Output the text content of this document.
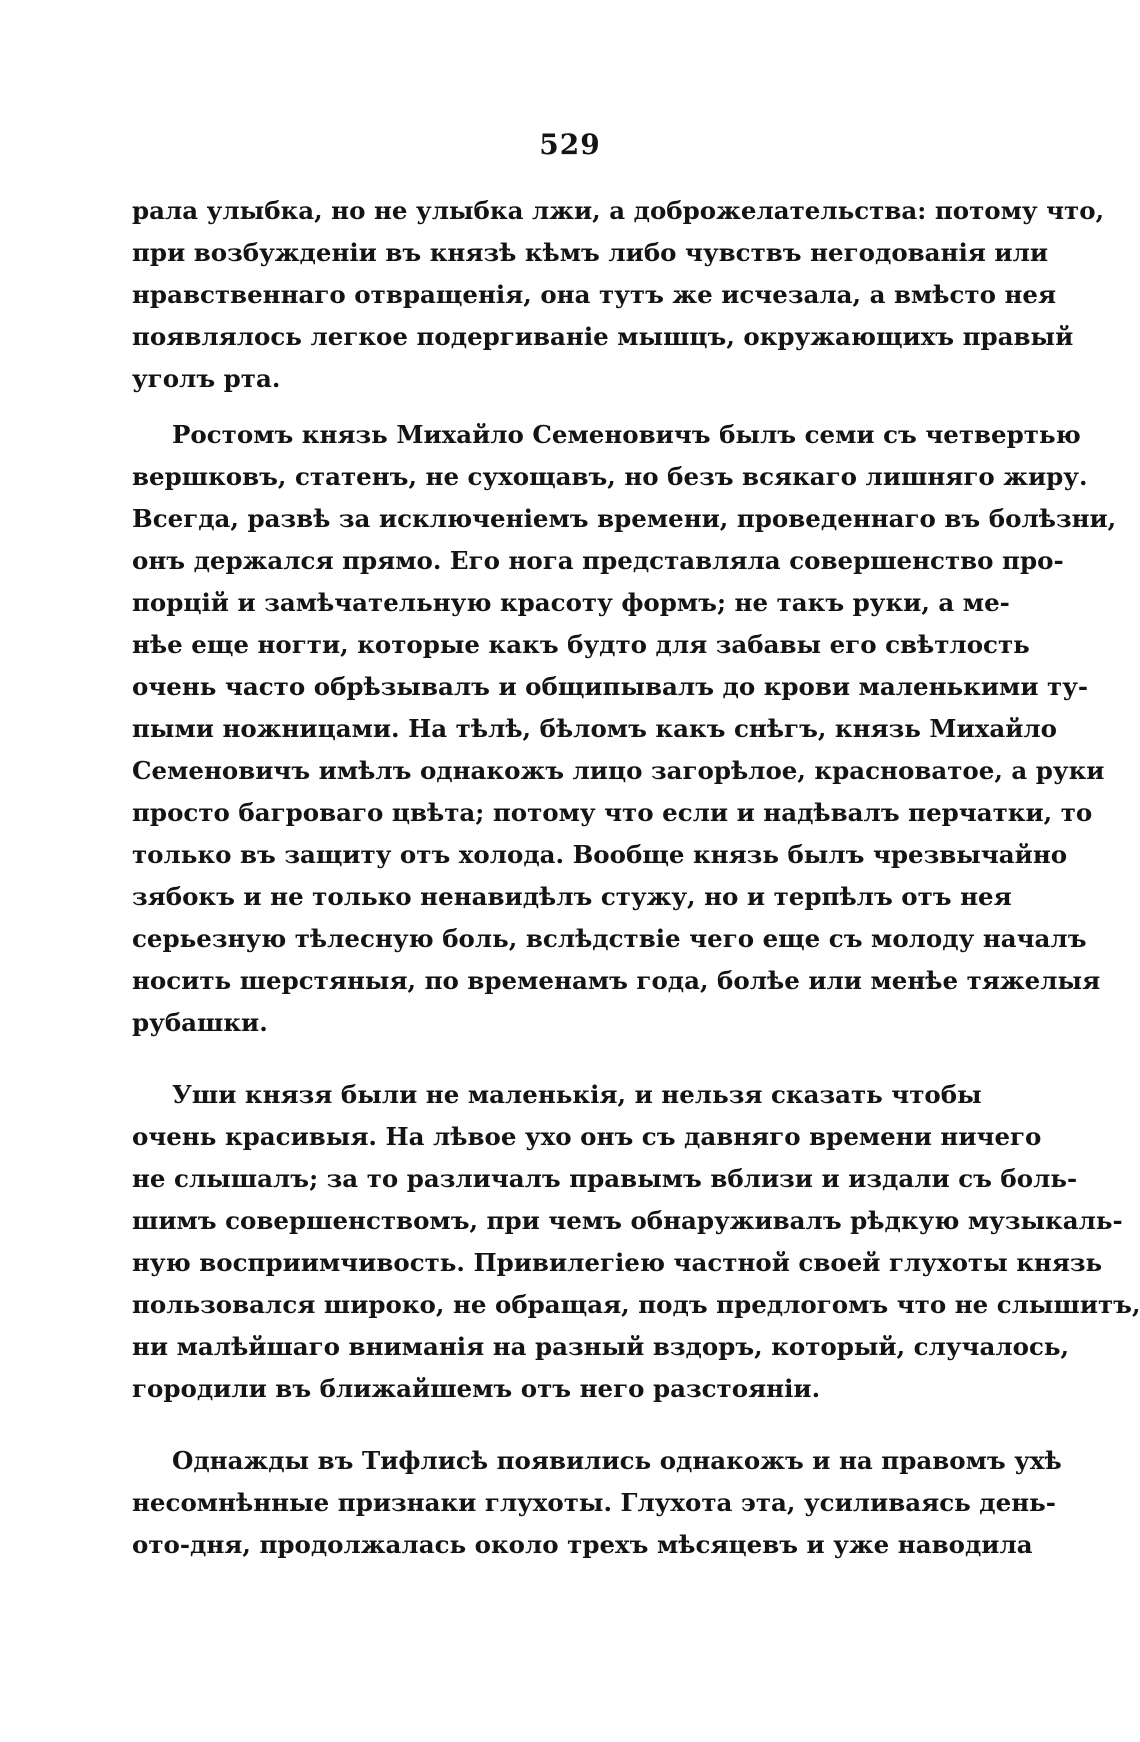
529
рала улыбка, но не улыбка лжи, а доброжелательства: потому что,
при возбужденіи въ князѣ кѣмъ либо чувствъ негодованія или
нравственнаго отвращенія, она тутъ же исчезала, а вмѣсто нея
появлялось легкое подергиваніе мышцъ, окружающихъ правый
уголъ рта.
Ростомъ князь Михайло Семеновичъ былъ семи съ четвертью
вершковъ, статенъ, не сухощавъ, но безъ всякаго лишняго жиру.
Всегда, развѣ за исключеніемъ времени, проведеннаго въ болѣзни,
онъ держался прямо. Его нога представляла совершенство про-
порцій и замѣчательную красоту формъ; не такъ руки, а ме-
нѣе еще ногти, которые какъ будто для забавы его свѣтлость
очень часто обрѣзывалъ и общипывалъ до крови маленькими ту-
пыми ножницами. На тѣлѣ, бѣломъ какъ снѣгъ, князь Михайло
Семеновичъ имѣлъ однакожъ лицо загорѣлое, красноватое, а руки
просто багроваго цвѣта; потому что если и надѣвалъ перчатки, то
только въ защиту отъ холода. Вообще князь былъ чрезвычайно
зябокъ и не только ненавидѣлъ стужу, но и терпѣлъ отъ нея
серьезную тѣлесную боль, вслѣдствіе чего еще съ молоду началъ
носить шерстяныя, по временамъ года, болѣе или менѣе тяжелыя
рубашки.
Уши князя были не маленькія, и нельзя сказать чтобы
очень красивыя. На лѣвое ухо онъ съ давняго времени ничего
не слышалъ; за то различалъ правымъ вблизи и издали съ боль-
шимъ совершенствомъ, при чемъ обнаруживалъ рѣдкую музыкаль-
ную восприимчивость. Привилегіею частной своей глухоты князь
пользовался широко, не обращая, подъ предлогомъ что не слышитъ,
ни малѣйшаго вниманія на разный вздоръ, который, случалось,
городили въ ближайшемъ отъ него разстояніи.
Однажды въ Тифлисѣ появились однакожъ и на правомъ ухѣ
несомнѣнные признаки глухоты. Глухота эта, усиливаясь день-
ото-дня, продолжалась около трехъ мѣсяцевъ и уже наводила
